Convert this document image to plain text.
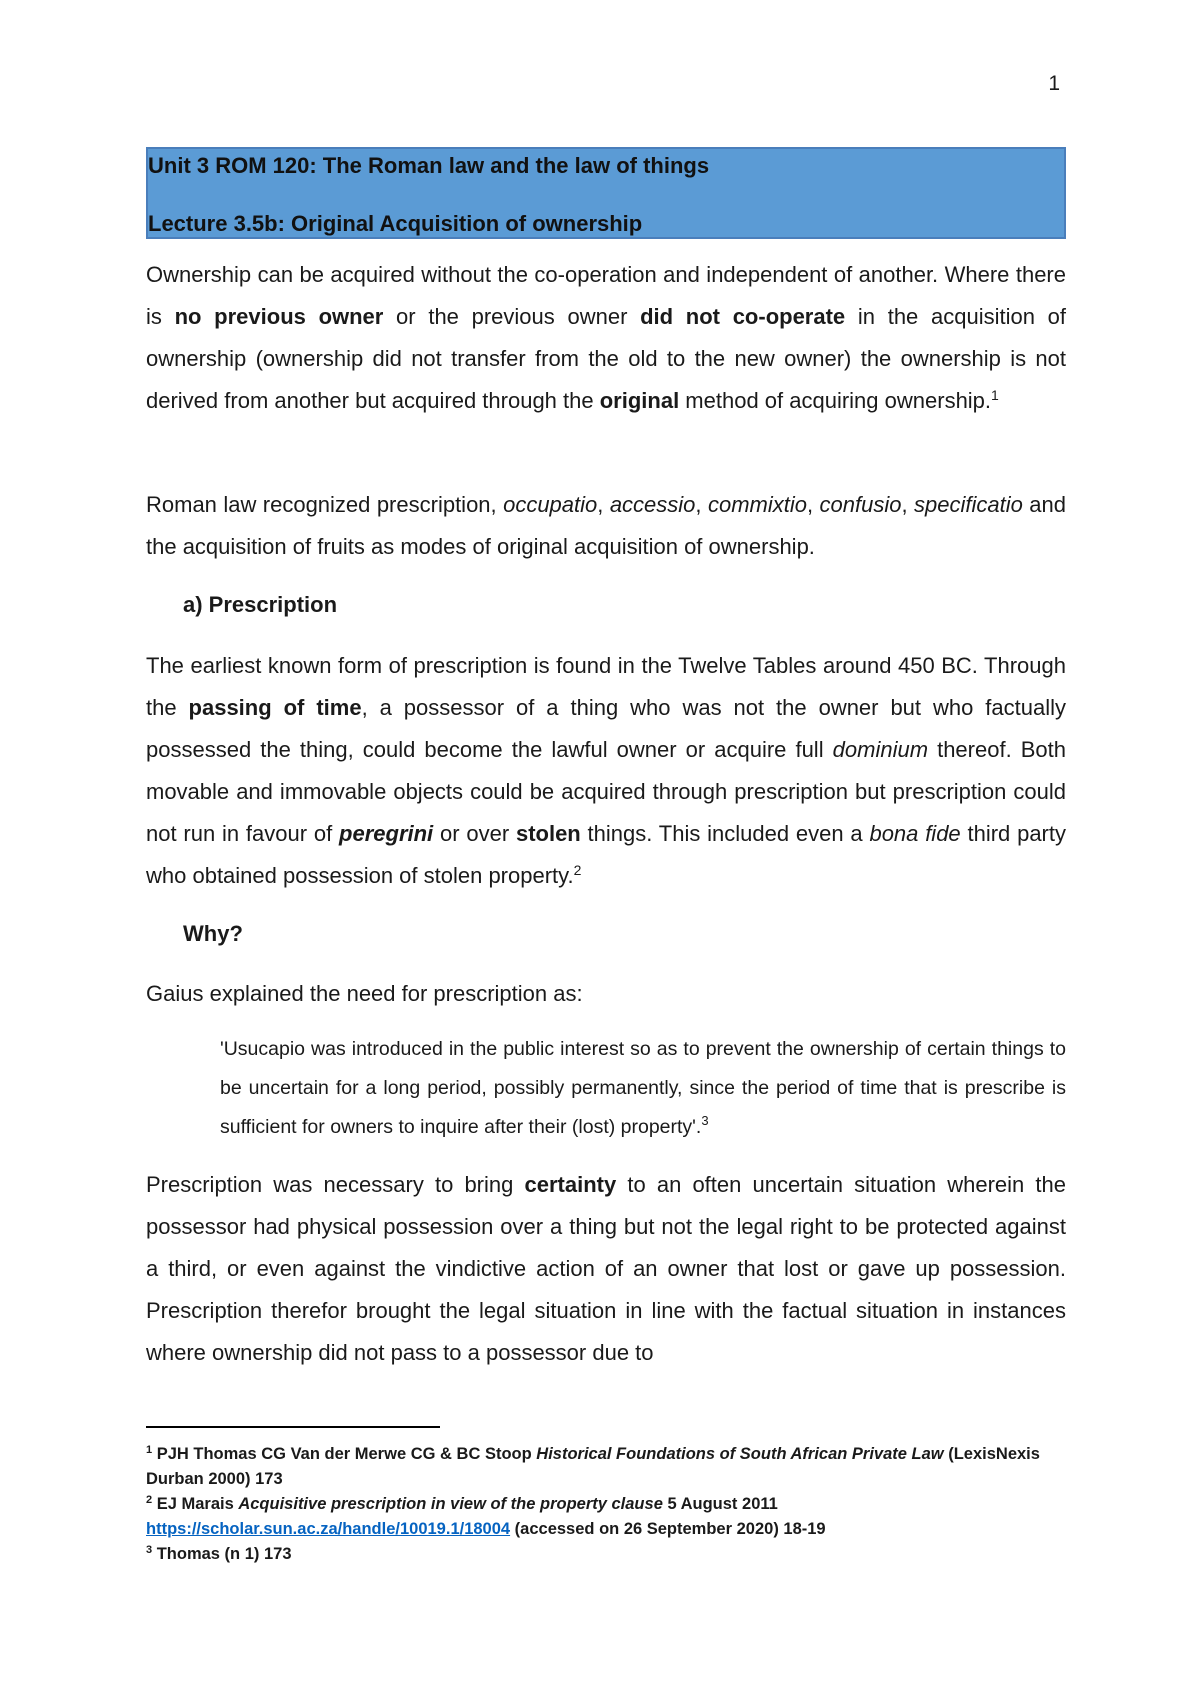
1
Unit 3 ROM 120: The Roman law and the law of things
Lecture 3.5b: Original Acquisition of ownership

Ownership can be acquired without the co-operation and independent of another. Where there is no previous owner or the previous owner did not co-operate in the acquisition of ownership (ownership did not transfer from the old to the new owner) the ownership is not derived from another but acquired through the original method of acquiring ownership.$^1$

Roman law recognized prescription, occupatio, accessio, commixtio, confusio, specificatio and the acquisition of fruits as modes of original acquisition of ownership.

a) Prescription

The earliest known form of prescription is found in the Twelve Tables around 450 BC. Through the passing of time, a possessor of a thing who was not the owner but who factually possessed the thing, could become the lawful owner or acquire full dominium thereof. Both movable and immovable objects could be acquired through prescription but prescription could not run in favour of peregrini or over stolen things. This included even a bona fide third party who obtained possession of stolen property.$^2$

Why?

Gaius explained the need for prescription as:

'Usucapio was introduced in the public interest so as to prevent the ownership of certain things to be uncertain for a long period, possibly permanently, since the period of time that is prescribe is sufficient for owners to inquire after their (lost) property'.$^3$

Prescription was necessary to bring certainty to an often uncertain situation wherein the possessor had physical possession over a thing but not the legal right to be protected against a third, or even against the vindictive action of an owner that lost or gave up possession. Prescription therefor brought the legal situation in line with the factual situation in instances where ownership did not pass to a possessor due to

$^1$ PJH Thomas CG Van der Merwe CG & BC Stoop Historical Foundations of South African Private Law (LexisNexis Durban 2000) 173

$^2$ EJ Marais Acquisitive prescription in view of the property clause 5 August 2011
https://scholar.sun.ac.za/handle/10019.1/18004 (accessed on 26 September 2020) 18-19

$^3$ Thomas (n 1) 173
